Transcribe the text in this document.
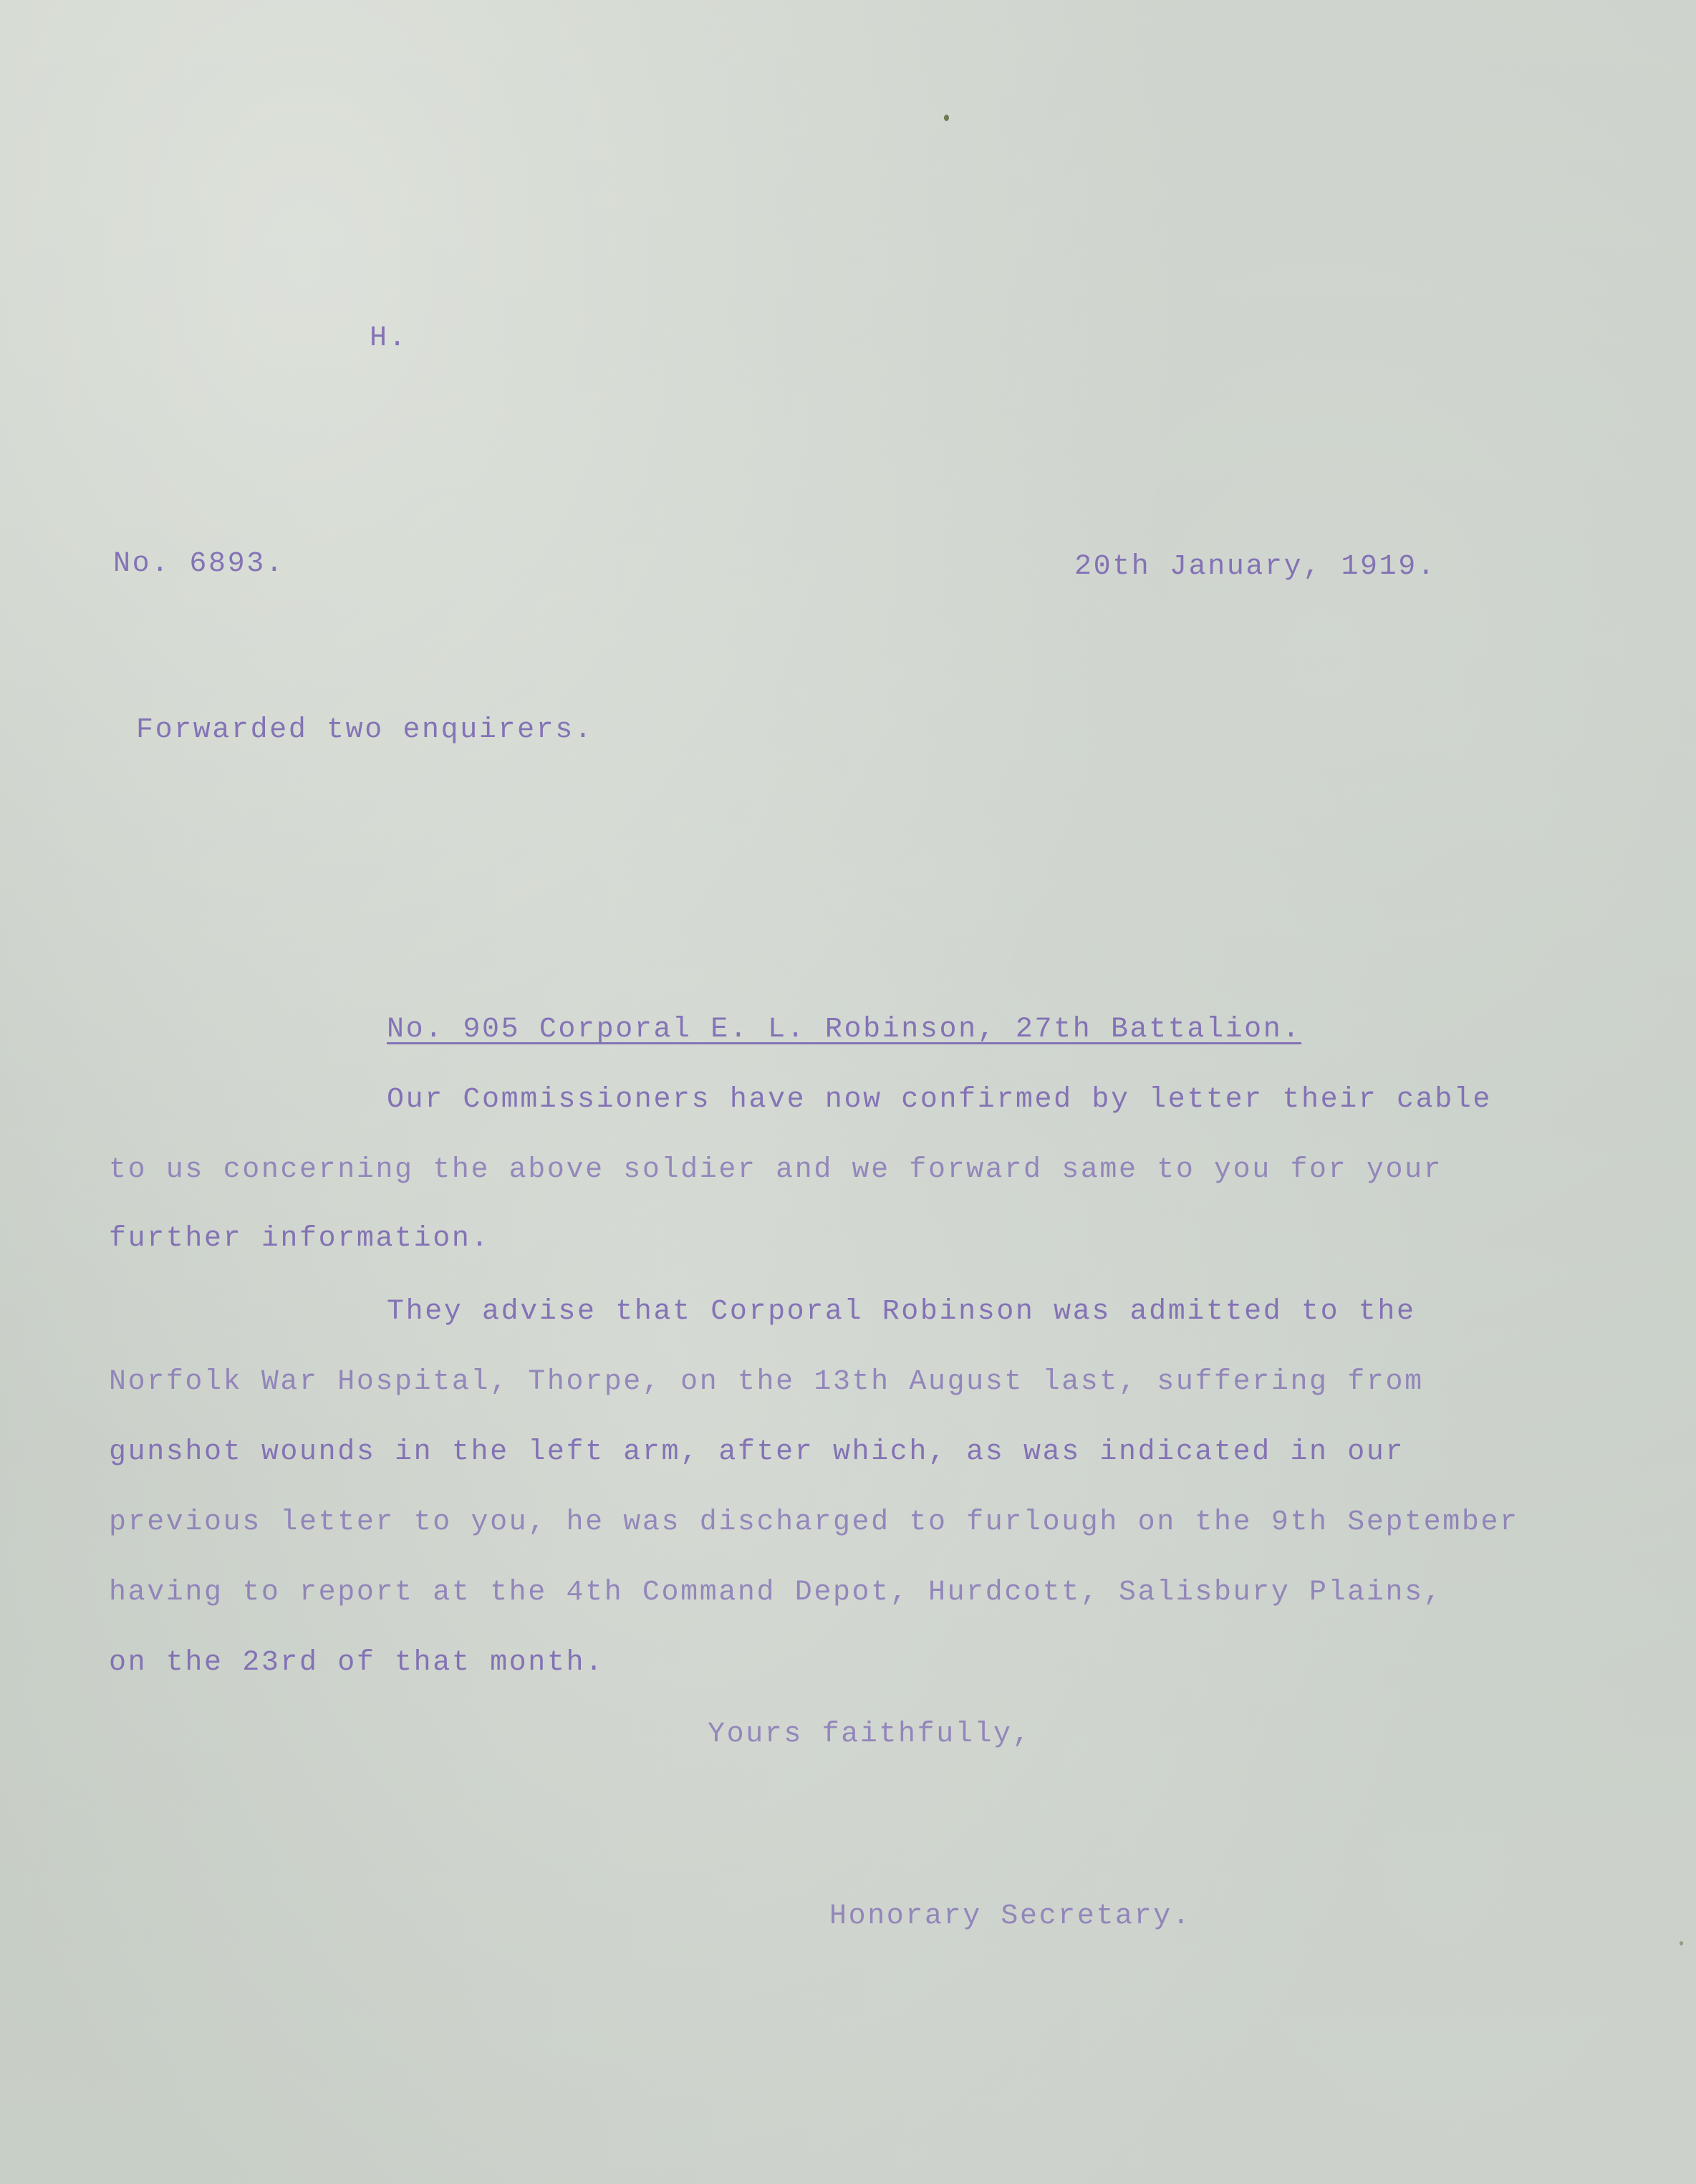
H.
No. 6893.	20th January, 1919.
Forwarded two enquirers.
No. 905 Corporal E. L. Robinson, 27th Battalion.
Our Commissioners have now confirmed by letter their cable
to us concerning the above soldier and we forward same to you for your
further information.
They advise that Corporal Robinson was admitted to the
Norfolk War Hospital, Thorpe, on the 13th August last, suffering from
gunshot wounds in the left arm, after which, as was indicated in our
previous letter to you, he was discharged to furlough on the 9th September
having to report at the 4th Command Depot, Hurdcott, Salisbury Plains,
on the 23rd of that month.
Yours faithfully,
Honorary Secretary.
